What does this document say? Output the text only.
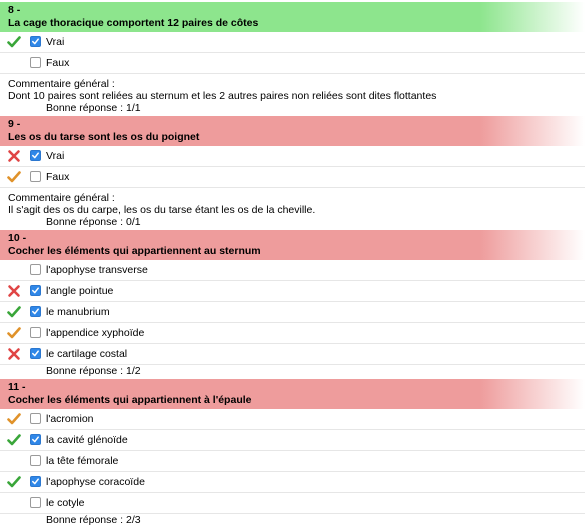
8 -
La cage thoracique comportent 12 paires de côtes
Vrai
Faux
Commentaire général :
Dont 10 paires sont reliées au sternum et les 2 autres paires non reliées sont dites flottantes
Bonne réponse : 1/1
9 -
Les os du tarse sont les os du poignet
Vrai
Faux
Commentaire général :
Il s'agit des os du carpe, les os du tarse étant les os de la cheville.
Bonne réponse : 0/1
10 -
Cocher les éléments qui appartiennent au sternum
l'apophyse transverse
l'angle pointue
le manubrium
l'appendice xyphoïde
le cartilage costal
Bonne réponse : 1/2
11 -
Cocher les éléments qui appartiennent à l'épaule
l'acromion
la cavité glénoïde
la tête fémorale
l'apophyse coracoïde
le cotyle
Bonne réponse : 2/3
